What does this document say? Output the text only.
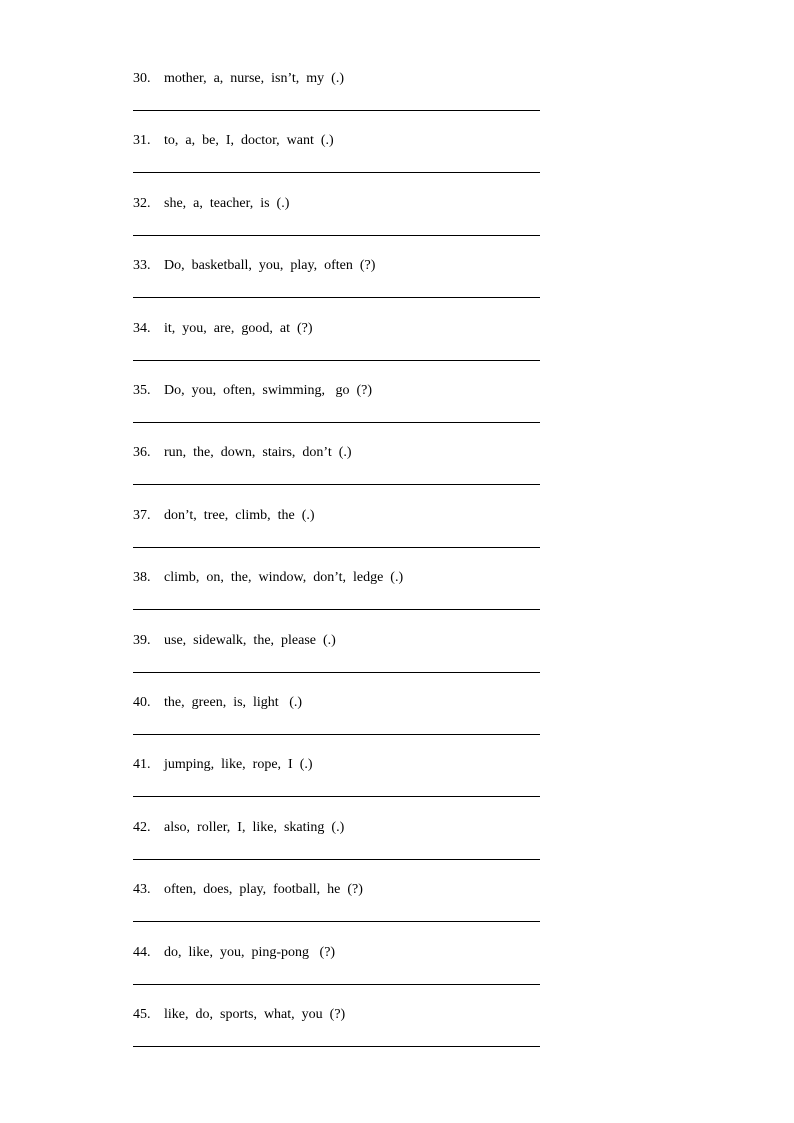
30. mother,  a,  nurse,  isn’t,  my  (.)
31. to,  a,  be,  I,  doctor,  want  (.)
32. she,  a,  teacher,  is  (.)
33. Do,  basketball,  you,  play,  often  (?)
34. it,  you,  are,  good,  at  (?)
35. Do,  you,  often,  swimming,   go  (?)
36. run,  the,  down,  stairs,  don’t  (.)
37. don’t,  tree,  climb,  the  (.)
38. climb,  on,  the,  window,  don’t,  ledge  (.)
39. use,  sidewalk,  the,  please  (.)
40. the,  green,  is,  light   (.)
41. jumping,  like,  rope,  I  (.)
42. also,  roller,  I,  like,  skating  (.)
43. often,  does,  play,  football,  he  (?)
44. do,  like,  you,  ping-pong   (?)
45. like,  do,  sports,  what,  you  (?)
